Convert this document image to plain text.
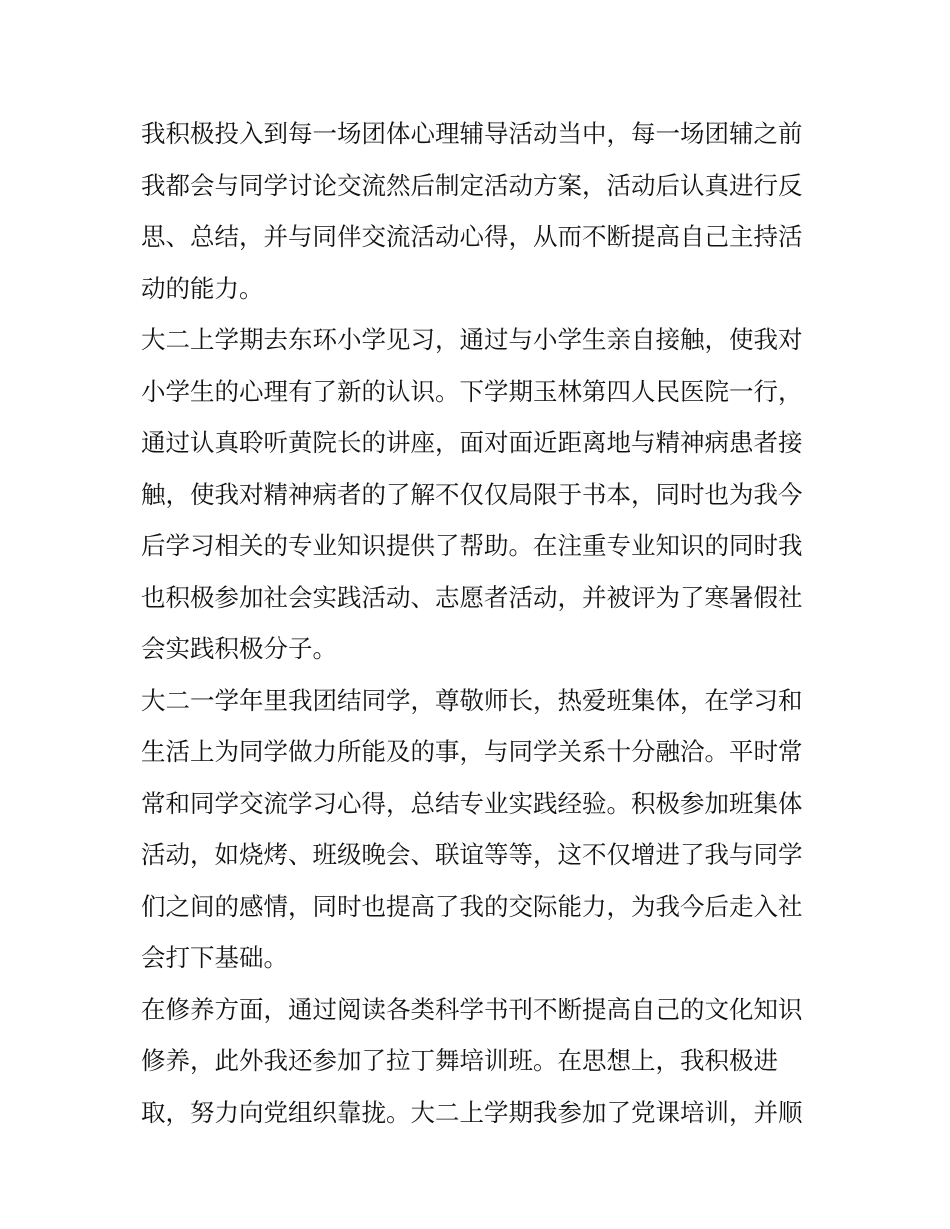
我积极投入到每一场团体心理辅导活动当中，每一场团辅之前
我都会与同学讨论交流然后制定活动方案，活动后认真进行反
思、总结，并与同伴交流活动心得，从而不断提高自己主持活
动的能力。
大二上学期去东环小学见习，通过与小学生亲自接触，使我对
小学生的心理有了新的认识。下学期玉林第四人民医院一行，
通过认真聆听黄院长的讲座，面对面近距离地与精神病患者接
触，使我对精神病者的了解不仅仅局限于书本，同时也为我今
后学习相关的专业知识提供了帮助。在注重专业知识的同时我
也积极参加社会实践活动、志愿者活动，并被评为了寒暑假社
会实践积极分子。
大二一学年里我团结同学，尊敬师长，热爱班集体，在学习和
生活上为同学做力所能及的事，与同学关系十分融洽。平时常
常和同学交流学习心得，总结专业实践经验。积极参加班集体
活动，如烧烤、班级晚会、联谊等等，这不仅增进了我与同学
们之间的感情，同时也提高了我的交际能力，为我今后走入社
会打下基础。
在修养方面，通过阅读各类科学书刊不断提高自己的文化知识
修养，此外我还参加了拉丁舞培训班。在思想上，我积极进
取，努力向党组织靠拢。大二上学期我参加了党课培训，并顺
